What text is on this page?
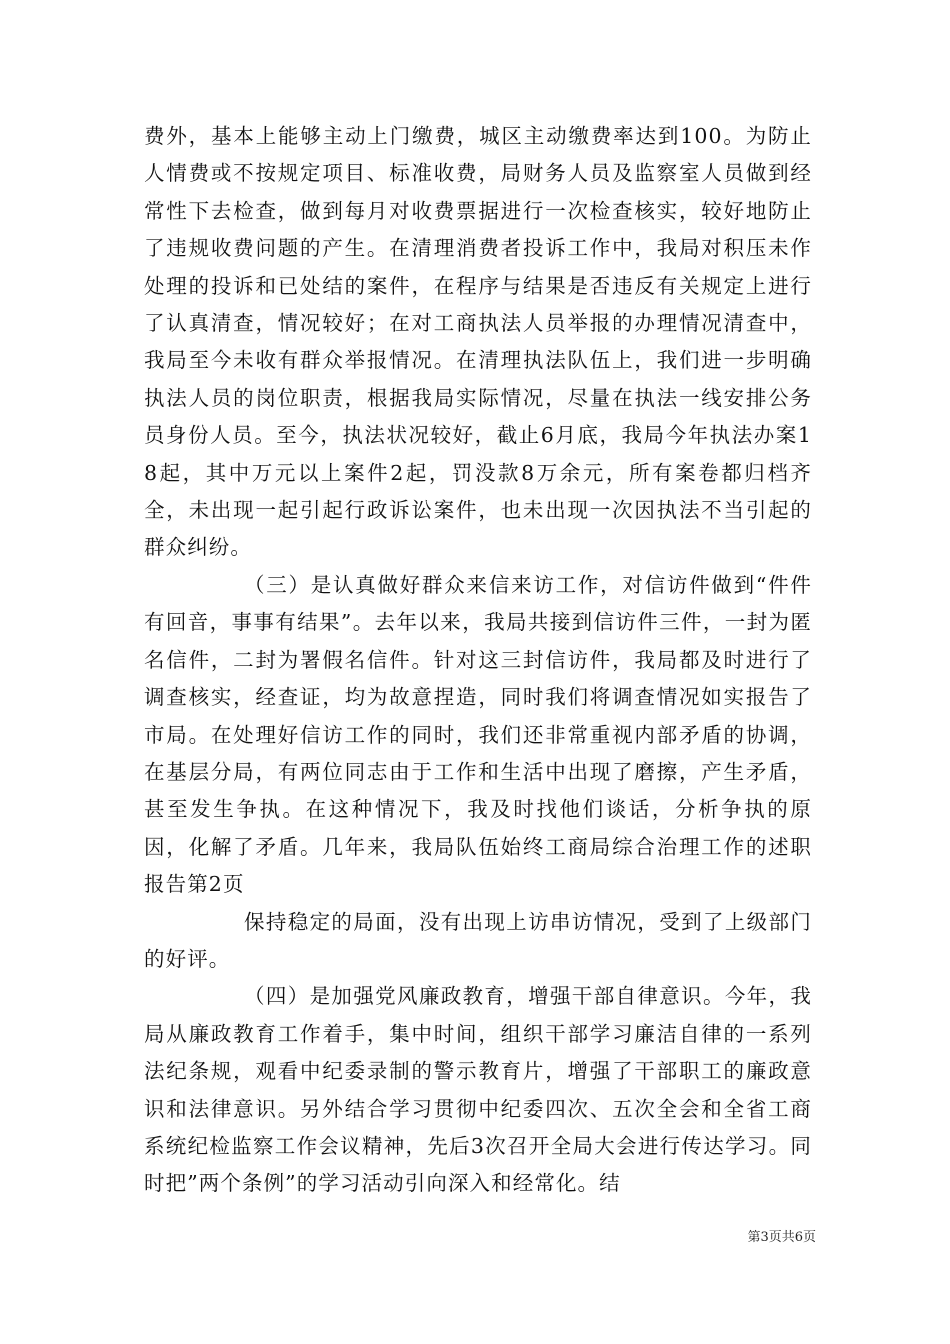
费外，基本上能够主动上门缴费，城区主动缴费率达到100。为防止人情费或不按规定项目、标准收费，局财务人员及监察室人员做到经常性下去检查，做到每月对收费票据进行一次检查核实，较好地防止了违规收费问题的产生。在清理消费者投诉工作中，我局对积压未作处理的投诉和已处结的案件，在程序与结果是否违反有关规定上进行了认真清查，情况较好；在对工商执法人员举报的办理情况清查中，我局至今未收有群众举报情况。在清理执法队伍上，我们进一步明确执法人员的岗位职责，根据我局实际情况，尽量在执法一线安排公务员身份人员。至今，执法状况较好，截止6月底，我局今年执法办案18起，其中万元以上案件2起，罚没款8万余元，所有案卷都归档齐全，未出现一起引起行政诉讼案件，也未出现一次因执法不当引起的群众纠纷。

（三）是认真做好群众来信来访工作，对信访件做到“件件有回音，事事有结果”。去年以来，我局共接到信访件三件，一封为匿名信件，二封为署假名信件。针对这三封信访件，我局都及时进行了调查核实，经查证，均为故意捏造，同时我们将调查情况如实报告了市局。在处理好信访工作的同时，我们还非常重视内部矛盾的协调，在基层分局，有两位同志由于工作和生活中出现了磨擦，产生矛盾，甚至发生争执。在这种情况下，我及时找他们谈话，分析争执的原因，化解了矛盾。几年来，我局队伍始终工商局综合治理工作的述职报告第2页

保持稳定的局面，没有出现上访串访情况，受到了上级部门的好评。

（四）是加强党风廉政教育，增强干部自律意识。今年，我局从廉政教育工作着手，集中时间，组织干部学习廉洁自律的一系列法纪条规，观看中纪委录制的警示教育片，增强了干部职工的廉政意识和法律意识。另外结合学习贯彻中纪委四次、五次全会和全省工商系统纪检监察工作会议精神，先后3次召开全局大会进行传达学习。同时把”两个条例”的学习活动引向深入和经常化。结

第3页共6页
